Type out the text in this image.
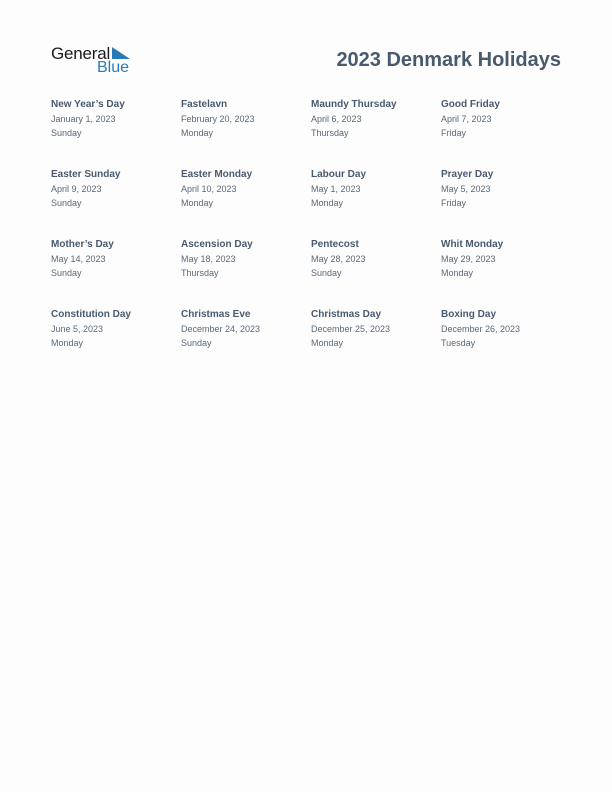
General
Blue	2023 Denmark Holidays
New Year’s Day
January 1, 2023
Sunday
Fastelavn
February 20, 2023
Monday
Maundy Thursday
April 6, 2023
Thursday
Good Friday
April 7, 2023
Friday
Easter Sunday
April 9, 2023
Sunday
Easter Monday
April 10, 2023
Monday
Labour Day
May 1, 2023
Monday
Prayer Day
May 5, 2023
Friday
Mother’s Day
May 14, 2023
Sunday
Ascension Day
May 18, 2023
Thursday
Pentecost
May 28, 2023
Sunday
Whit Monday
May 29, 2023
Monday
Constitution Day
June 5, 2023
Monday
Christmas Eve
December 24, 2023
Sunday
Christmas Day
December 25, 2023
Monday
Boxing Day
December 26, 2023
Tuesday
